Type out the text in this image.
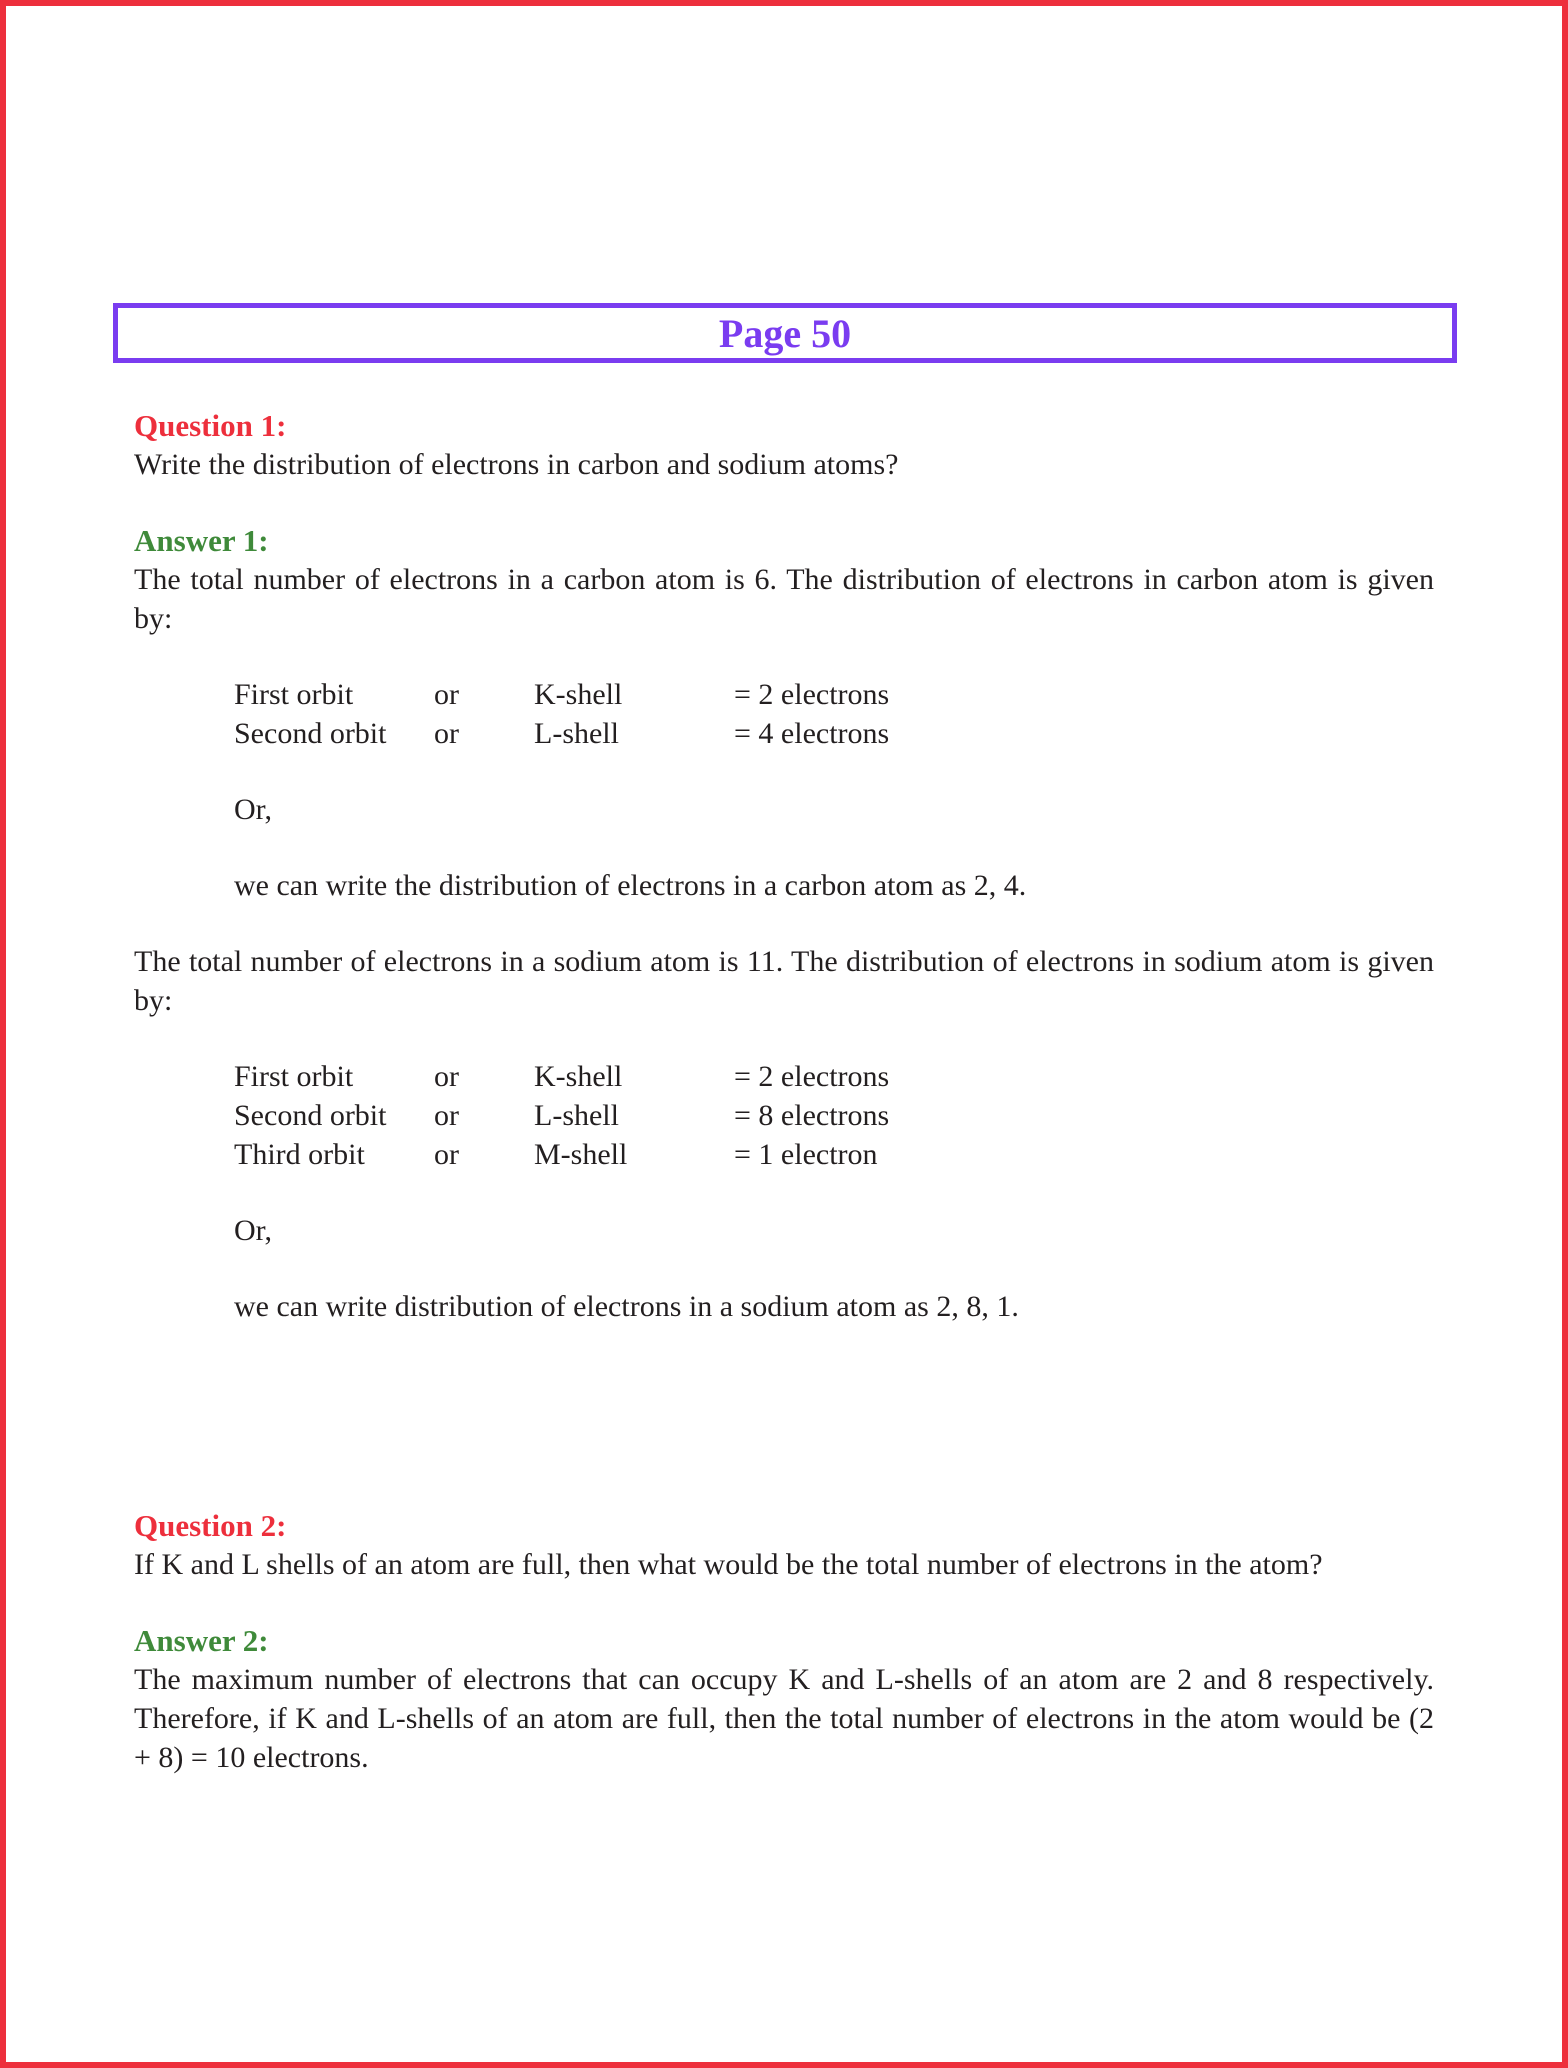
Page 50
Question 1:

Write the distribution of electrons in carbon and sodium atoms?

Answer 1:

The total number of electrons in a carbon atom is 6. The distribution of electrons in carbon atom is given by:

First orbit	or	K-shell	= 2 electrons
Second orbit	or	L-shell	= 4 electrons

Or,

we can write the distribution of electrons in a carbon atom as 2, 4.

The total number of electrons in a sodium atom is 11. The distribution of electrons in sodium atom is given by:

First orbit	or	K-shell	= 2 electrons
Second orbit	or	L-shell	= 8 electrons
Third orbit	or	M-shell	= 1 electron

Or,

we can write distribution of electrons in a sodium atom as 2, 8, 1.

Question 2:

If K and L shells of an atom are full, then what would be the total number of electrons in the atom?

Answer 2:

The maximum number of electrons that can occupy K and L-shells of an atom are 2 and 8 respectively. Therefore, if K and L-shells of an atom are full, then the total number of electrons in the atom would be (2 + 8) = 10 electrons.
